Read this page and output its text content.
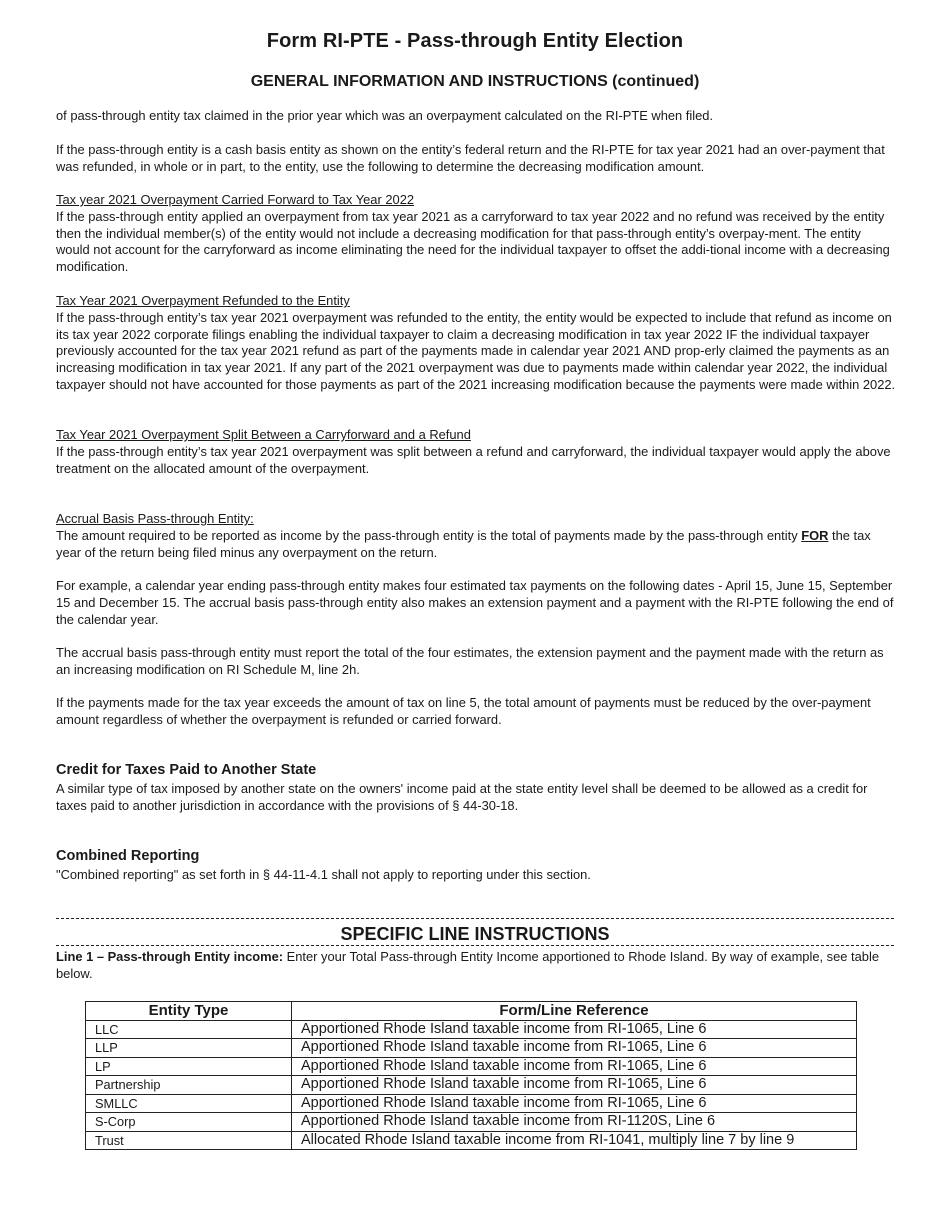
Form RI-PTE - Pass-through Entity Election
GENERAL INFORMATION AND INSTRUCTIONS (continued)

of pass-through entity tax claimed in the prior year which was an overpayment calculated on the RI-PTE when filed.

If the pass-through entity is a cash basis entity as shown on the entity’s federal return and the RI-PTE for tax year 2021 had an over-payment that was refunded, in whole or in part, to the entity, use the following to determine the decreasing modification amount.

Tax year 2021 Overpayment Carried Forward to Tax Year 2022
If the pass-through entity applied an overpayment from tax year 2021 as a carryforward to tax year 2022 and no refund was received by the entity then the individual member(s) of the entity would not include a decreasing modification for that pass-through entity’s overpay-ment. The entity would not account for the carryforward as income eliminating the need for the individual taxpayer to offset the addi-tional income with a decreasing modification.
Tax Year 2021 Overpayment Refunded to the Entity
If the pass-through entity’s tax year 2021 overpayment was refunded to the entity, the entity would be expected to include that refund as income on its tax year 2022 corporate filings enabling the individual taxpayer to claim a decreasing modification in tax year 2022 IF the individual taxpayer previously accounted for the tax year 2021 refund as part of the payments made in calendar year 2021 AND prop-erly claimed the payments as an increasing modification in tax year 2021. If any part of the 2021 overpayment was due to payments made within calendar year 2022, the individual taxpayer should not have accounted for those payments as part of the 2021 increasing modification because the payments were made within 2022.
Tax Year 2021 Overpayment Split Between a Carryforward and a Refund
If the pass-through entity’s tax year 2021 overpayment was split between a refund and carryforward, the individual taxpayer would apply the above treatment on the allocated amount of the overpayment.
Accrual Basis Pass-through Entity:
The amount required to be reported as income by the pass-through entity is the total of payments made by the pass-through entity FOR the tax year of the return being filed minus any overpayment on the return.

For example, a calendar year ending pass-through entity makes four estimated tax payments on the following dates - April 15, June 15, September 15 and December 15. The accrual basis pass-through entity also makes an extension payment and a payment with the RI-PTE following the end of the calendar year.

The accrual basis pass-through entity must report the total of the four estimates, the extension payment and the payment made with the return as an increasing modification on RI Schedule M, line 2h.

If the payments made for the tax year exceeds the amount of tax on line 5, the total amount of payments must be reduced by the over-payment amount regardless of whether the overpayment is refunded or carried forward.

Credit for Taxes Paid to Another State

A similar type of tax imposed by another state on the owners' income paid at the state entity level shall be deemed to be allowed as a credit for taxes paid to another jurisdiction in accordance with the provisions of § 44-30-18.

Combined Reporting

"Combined reporting" as set forth in § 44-11-4.1 shall not apply to reporting under this section.

SPECIFIC LINE INSTRUCTIONS
Line 1 – Pass-through Entity income: Enter your Total Pass-through Entity Income apportioned to Rhode Island. By way of example, see table below.
Entity Type	Form/Line Reference
LLC	Apportioned Rhode Island taxable income from RI-1065, Line 6
LLP	Apportioned Rhode Island taxable income from RI-1065, Line 6
LP	Apportioned Rhode Island taxable income from RI-1065, Line 6
Partnership	Apportioned Rhode Island taxable income from RI-1065, Line 6
SMLLC	Apportioned Rhode Island taxable income from RI-1065, Line 6
S-Corp	Apportioned Rhode Island taxable income from RI-1120S, Line 6
Trust	Allocated Rhode Island taxable income from RI-1041, multiply line 7 by line 9
